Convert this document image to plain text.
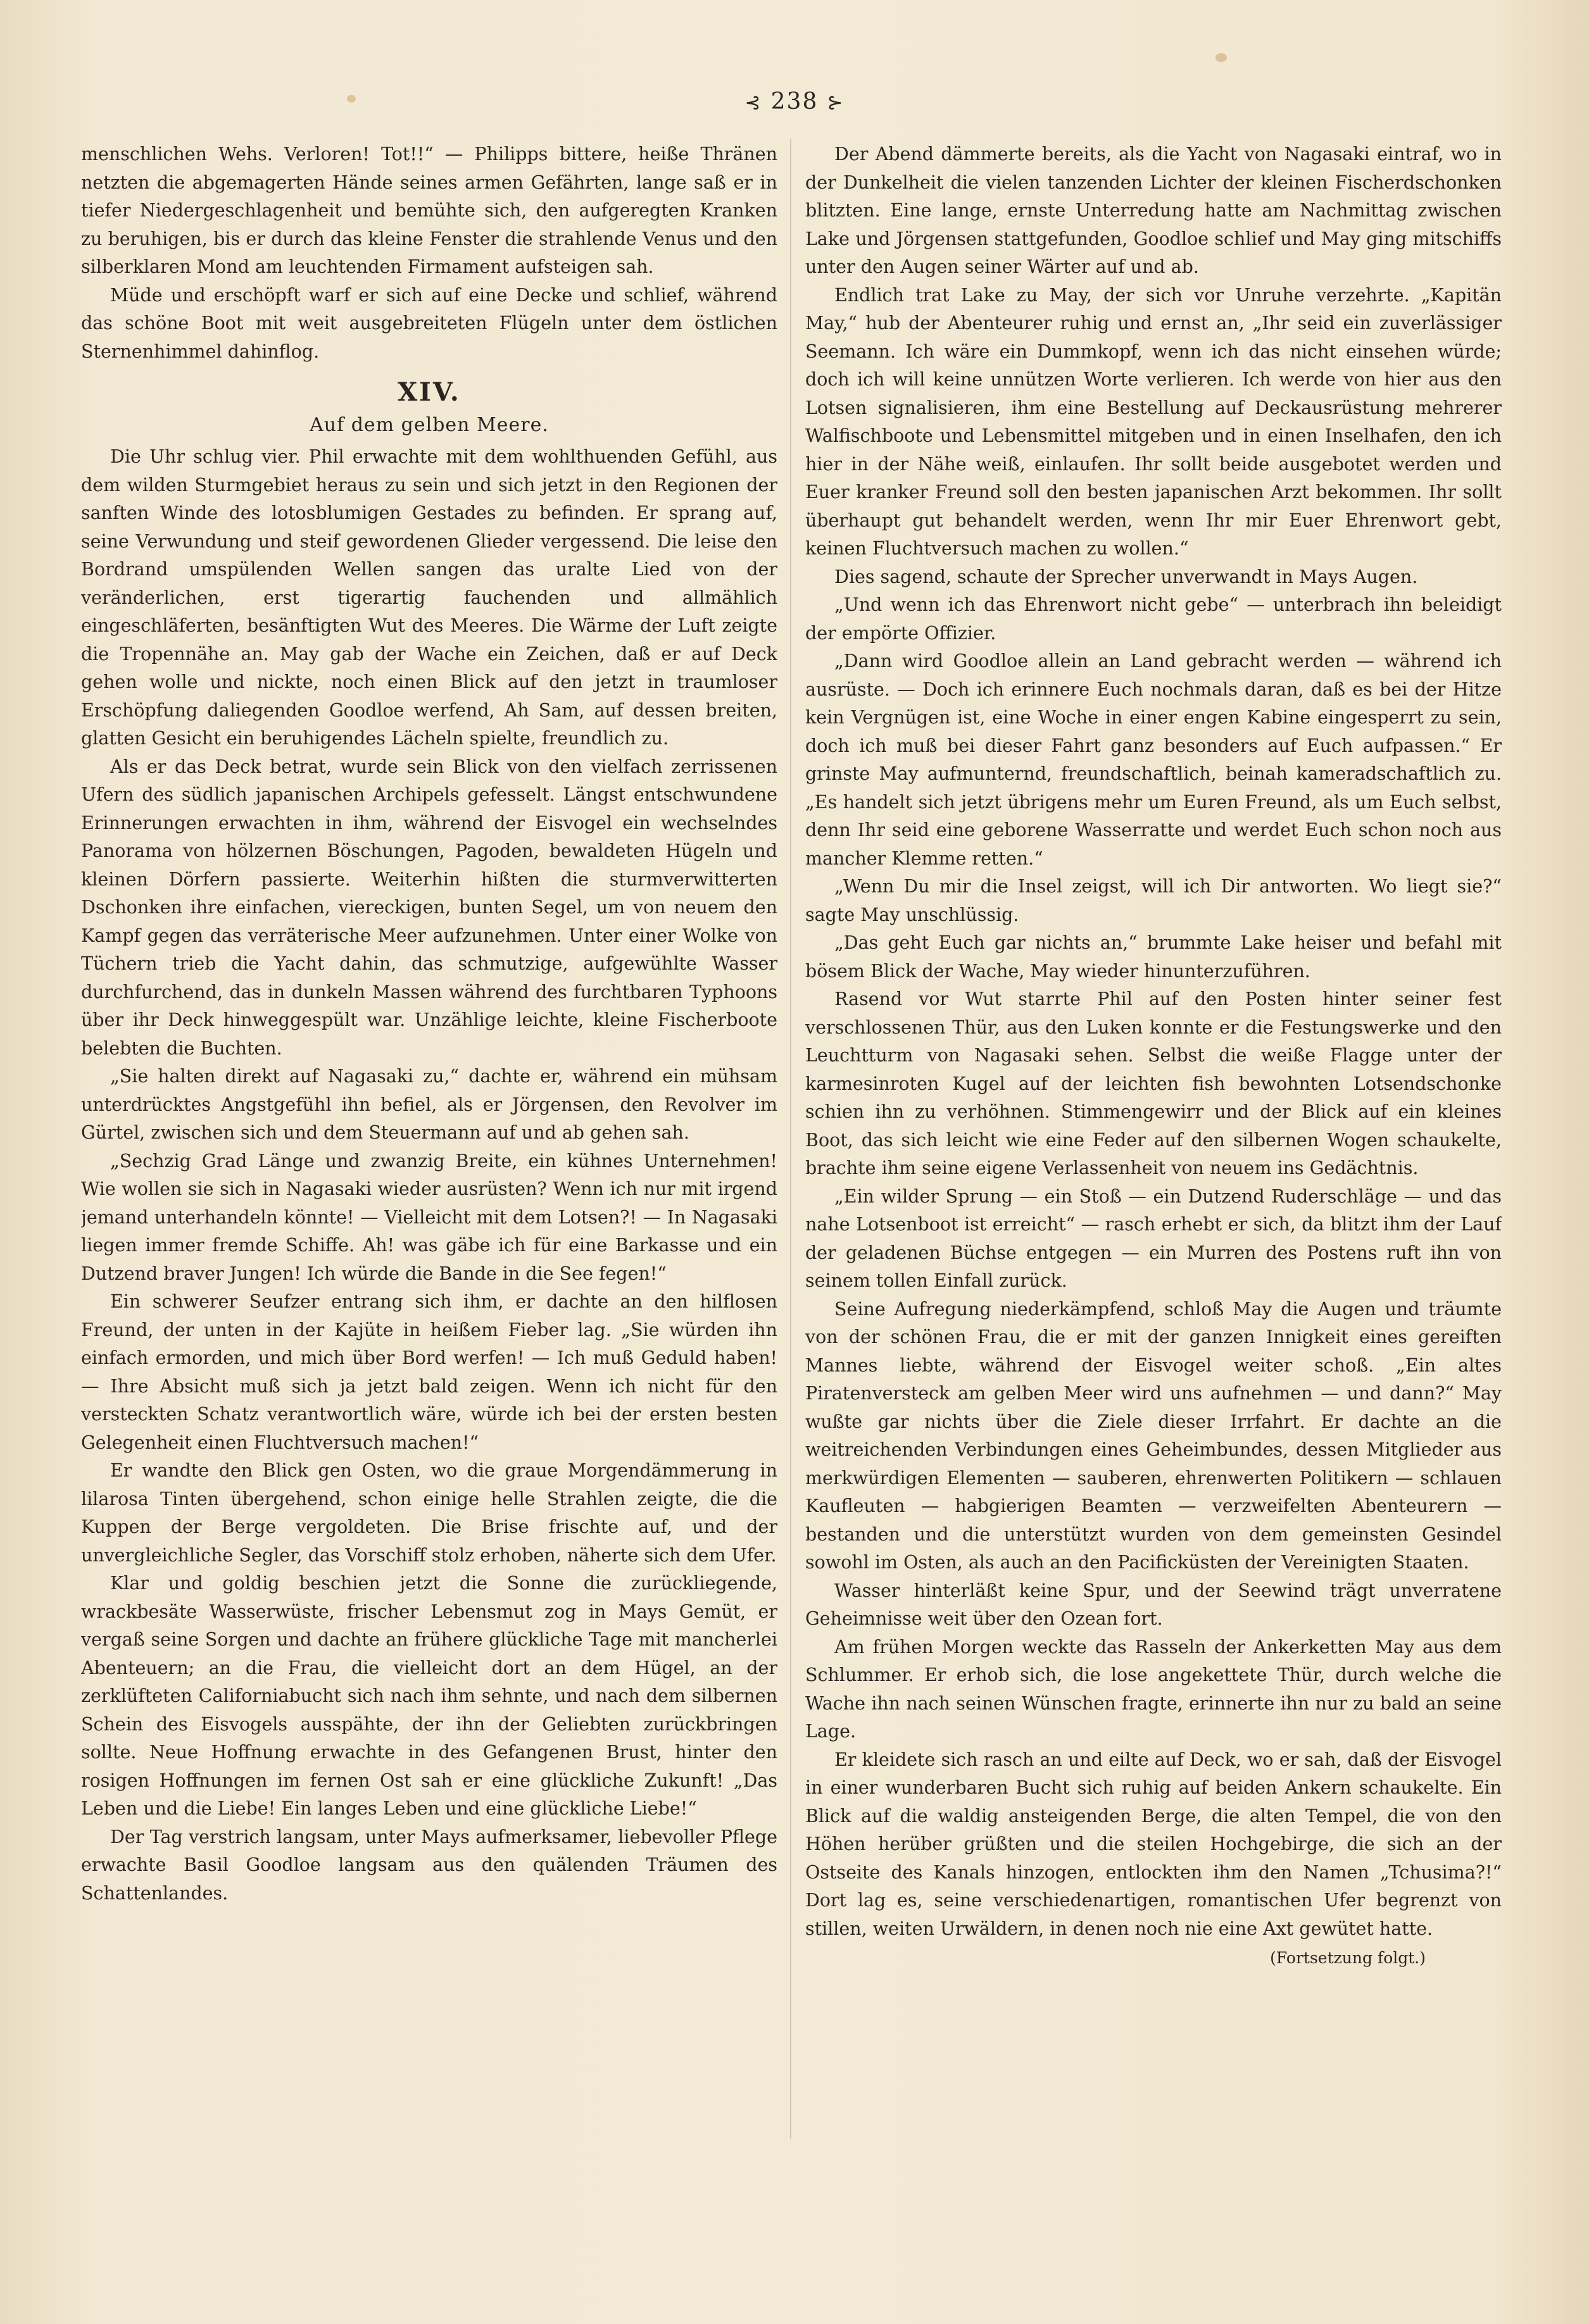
⊰ 238 ⊱

menschlichen Wehs. Verloren! Tot!!“ — Philipps bittere, heiße Thränen netzten die abgemagerten Hände seines armen Gefährten, lange saß er in tiefer Niedergeschlagenheit und bemühte sich, den aufgeregten Kranken zu beruhigen, bis er durch das kleine Fenster die strahlende Venus und den silberklaren Mond am leuchtenden Firmament aufsteigen sah.

Müde und erschöpft warf er sich auf eine Decke und schlief, während das schöne Boot mit weit ausgebreiteten Flügeln unter dem östlichen Sternenhimmel dahinflog.

XIV.
Auf dem gelben Meere.

Die Uhr schlug vier. Phil erwachte mit dem wohlthuenden Gefühl, aus dem wilden Sturmgebiet heraus zu sein und sich jetzt in den Regionen der sanften Winde des lotosblumigen Gestades zu befinden. Er sprang auf, seine Verwundung und steif gewordenen Glieder vergessend. Die leise den Bordrand umspülenden Wellen sangen das uralte Lied von der veränderlichen, erst tigerartig fauchenden und allmählich eingeschläferten, besänftigten Wut des Meeres. Die Wärme der Luft zeigte die Tropennähe an. May gab der Wache ein Zeichen, daß er auf Deck gehen wolle und nickte, noch einen Blick auf den jetzt in traumloser Erschöpfung daliegenden Goodloe werfend, Ah Sam, auf dessen breiten, glatten Gesicht ein beruhigendes Lächeln spielte, freundlich zu.

Als er das Deck betrat, wurde sein Blick von den vielfach zerrissenen Ufern des südlich japanischen Archipels gefesselt. Längst entschwundene Erinnerungen erwachten in ihm, während der Eisvogel ein wechselndes Panorama von hölzernen Böschungen, Pagoden, bewaldeten Hügeln und kleinen Dörfern passierte. Weiterhin hißten die sturmverwitterten Dschonken ihre einfachen, viereckigen, bunten Segel, um von neuem den Kampf gegen das verräterische Meer aufzunehmen. Unter einer Wolke von Tüchern trieb die Yacht dahin, das schmutzige, aufgewühlte Wasser durchfurchend, das in dunkeln Massen während des furchtbaren Typhoons über ihr Deck hinweggespült war. Unzählige leichte, kleine Fischerboote belebten die Buchten.

„Sie halten direkt auf Nagasaki zu,“ dachte er, während ein mühsam unterdrücktes Angstgefühl ihn befiel, als er Jörgensen, den Revolver im Gürtel, zwischen sich und dem Steuermann auf und ab gehen sah.

„Sechzig Grad Länge und zwanzig Breite, ein kühnes Unternehmen! Wie wollen sie sich in Nagasaki wieder ausrüsten? Wenn ich nur mit irgend jemand unterhandeln könnte! — Vielleicht mit dem Lotsen?! — In Nagasaki liegen immer fremde Schiffe. Ah! was gäbe ich für eine Barkasse und ein Dutzend braver Jungen! Ich würde die Bande in die See fegen!“

Ein schwerer Seufzer entrang sich ihm, er dachte an den hilflosen Freund, der unten in der Kajüte in heißem Fieber lag. „Sie würden ihn einfach ermorden, und mich über Bord werfen! — Ich muß Geduld haben! — Ihre Absicht muß sich ja jetzt bald zeigen. Wenn ich nicht für den versteckten Schatz verantwortlich wäre, würde ich bei der ersten besten Gelegenheit einen Fluchtversuch machen!“

Er wandte den Blick gen Osten, wo die graue Morgendämmerung in lilarosa Tinten übergehend, schon einige helle Strahlen zeigte, die die Kuppen der Berge vergoldeten. Die Brise frischte auf, und der unvergleichliche Segler, das Vorschiff stolz erhoben, näherte sich dem Ufer.

Klar und goldig beschien jetzt die Sonne die zurückliegende, wrackbesäte Wasserwüste, frischer Lebensmut zog in Mays Gemüt, er vergaß seine Sorgen und dachte an frühere glückliche Tage mit mancherlei Abenteuern; an die Frau, die vielleicht dort an dem Hügel, an der zerklüfteten Californiabucht sich nach ihm sehnte, und nach dem silbernen Schein des Eisvogels ausspähte, der ihn der Geliebten zurückbringen sollte. Neue Hoffnung erwachte in des Gefangenen Brust, hinter den rosigen Hoffnungen im fernen Ost sah er eine glückliche Zukunft! „Das Leben und die Liebe! Ein langes Leben und eine glückliche Liebe!“

Der Tag verstrich langsam, unter Mays aufmerksamer, liebevoller Pflege erwachte Basil Goodloe langsam aus den quälenden Träumen des Schattenlandes.

Der Abend dämmerte bereits, als die Yacht von Nagasaki eintraf, wo in der Dunkelheit die vielen tanzenden Lichter der kleinen Fischerdschonken blitzten. Eine lange, ernste Unterredung hatte am Nachmittag zwischen Lake und Jörgensen stattgefunden, Goodloe schlief und May ging mitschiffs unter den Augen seiner Wärter auf und ab.

Endlich trat Lake zu May, der sich vor Unruhe verzehrte. „Kapitän May,“ hub der Abenteurer ruhig und ernst an, „Ihr seid ein zuverlässiger Seemann. Ich wäre ein Dummkopf, wenn ich das nicht einsehen würde; doch ich will keine unnützen Worte verlieren. Ich werde von hier aus den Lotsen signalisieren, ihm eine Bestellung auf Deckausrüstung mehrerer Walfischboote und Lebensmittel mitgeben und in einen Inselhafen, den ich hier in der Nähe weiß, einlaufen. Ihr sollt beide ausgebotet werden und Euer kranker Freund soll den besten japanischen Arzt bekommen. Ihr sollt überhaupt gut behandelt werden, wenn Ihr mir Euer Ehrenwort gebt, keinen Fluchtversuch machen zu wollen.“

Dies sagend, schaute der Sprecher unverwandt in Mays Augen.

„Und wenn ich das Ehrenwort nicht gebe“ — unterbrach ihn beleidigt der empörte Offizier.

„Dann wird Goodloe allein an Land gebracht werden — während ich ausrüste. — Doch ich erinnere Euch nochmals daran, daß es bei der Hitze kein Vergnügen ist, eine Woche in einer engen Kabine eingesperrt zu sein, doch ich muß bei dieser Fahrt ganz besonders auf Euch aufpassen.“ Er grinste May aufmunternd, freundschaftlich, beinah kameradschaftlich zu. „Es handelt sich jetzt übrigens mehr um Euren Freund, als um Euch selbst, denn Ihr seid eine geborene Wasserratte und werdet Euch schon noch aus mancher Klemme retten.“

„Wenn Du mir die Insel zeigst, will ich Dir antworten. Wo liegt sie?“ sagte May unschlüssig.

„Das geht Euch gar nichts an,“ brummte Lake heiser und befahl mit bösem Blick der Wache, May wieder hinunterzuführen.

Rasend vor Wut starrte Phil auf den Posten hinter seiner fest verschlossenen Thür, aus den Luken konnte er die Festungswerke und den Leuchtturm von Nagasaki sehen. Selbst die weiße Flagge unter der karmesinroten Kugel auf der leichten fish bewohnten Lotsendschonke schien ihn zu verhöhnen. Stimmengewirr und der Blick auf ein kleines Boot, das sich leicht wie eine Feder auf den silbernen Wogen schaukelte, brachte ihm seine eigene Verlassenheit von neuem ins Gedächtnis.

„Ein wilder Sprung — ein Stoß — ein Dutzend Ruderschläge — und das nahe Lotsenboot ist erreicht“ — rasch erhebt er sich, da blitzt ihm der Lauf der geladenen Büchse entgegen — ein Murren des Postens ruft ihn von seinem tollen Einfall zurück.

Seine Aufregung niederkämpfend, schloß May die Augen und träumte von der schönen Frau, die er mit der ganzen Innigkeit eines gereiften Mannes liebte, während der Eisvogel weiter schoß. „Ein altes Piratenversteck am gelben Meer wird uns aufnehmen — und dann?“ May wußte gar nichts über die Ziele dieser Irrfahrt. Er dachte an die weitreichenden Verbindungen eines Geheimbundes, dessen Mitglieder aus merkwürdigen Elementen — sauberen, ehrenwerten Politikern — schlauen Kaufleuten — habgierigen Beamten — verzweifelten Abenteurern — bestanden und die unterstützt wurden von dem gemeinsten Gesindel sowohl im Osten, als auch an den Pacificküsten der Vereinigten Staaten.

Wasser hinterläßt keine Spur, und der Seewind trägt unverratene Geheimnisse weit über den Ozean fort.

Am frühen Morgen weckte das Rasseln der Ankerketten May aus dem Schlummer. Er erhob sich, die lose angekettete Thür, durch welche die Wache ihn nach seinen Wünschen fragte, erinnerte ihn nur zu bald an seine Lage.

Er kleidete sich rasch an und eilte auf Deck, wo er sah, daß der Eisvogel in einer wunderbaren Bucht sich ruhig auf beiden Ankern schaukelte. Ein Blick auf die waldig ansteigenden Berge, die alten Tempel, die von den Höhen herüber grüßten und die steilen Hochgebirge, die sich an der Ostseite des Kanals hinzogen, entlockten ihm den Namen „Tchusima?!“ Dort lag es, seine verschiedenartigen, romantischen Ufer begrenzt von stillen, weiten Urwäldern, in denen noch nie eine Axt gewütet hatte.

(Fortsetzung folgt.)
